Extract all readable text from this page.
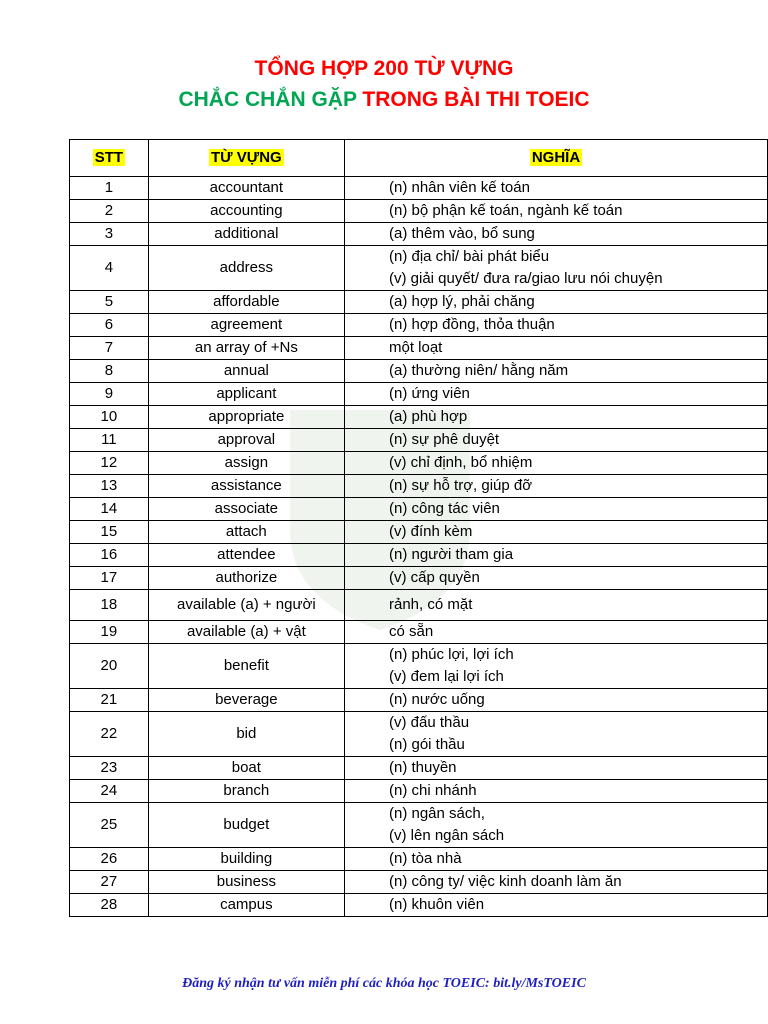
TỔNG HỢP 200 TỪ VỰNG
CHẮC CHẮN GẶP TRONG BÀI THI TOEIC
STT	TỪ VỰNG	NGHĨA
1	accountant	(n) nhân viên kế toán

2	accounting	(n) bộ phận kế toán, ngành kế toán

3	additional	(a) thêm vào, bổ sung

4	address	(n) địa chỉ/ bài phát biểu
(v) giải quyết/ đưa ra/giao lưu nói chuyện

5	affordable	(a) hợp lý, phải chăng

6	agreement	(n) hợp đồng, thỏa thuận

7	an array of +Ns	một loạt

8	annual	(a) thường niên/ hằng năm

9	applicant	(n) ứng viên

10	appropriate	(a) phù hợp

11	approval	(n) sự phê duyệt

12	assign	(v) chỉ định, bổ nhiệm

13	assistance	(n) sự hỗ trợ, giúp đỡ

14	associate	(n) công tác viên

15	attach	(v) đính kèm

16	attendee	(n) người tham gia

17	authorize	(v) cấp quyền

18	available (a) + người	rảnh, có mặt

19	available (a) + vật	có sẵn

20	benefit	(n) phúc lợi, lợi ích
(v) đem lại lợi ích

21	beverage	(n) nước uống

22	bid	(v) đấu thầu
(n) gói thầu

23	boat	(n) thuyền

24	branch	(n) chi nhánh

25	budget	(n) ngân sách,
(v) lên ngân sách

26	building	(n) tòa nhà

27	business	(n) công ty/ việc kinh doanh làm ăn

28	campus	(n) khuôn viên
Đăng ký nhận tư vấn miễn phí các khóa học TOEIC: bit.ly/MsTOEIC
